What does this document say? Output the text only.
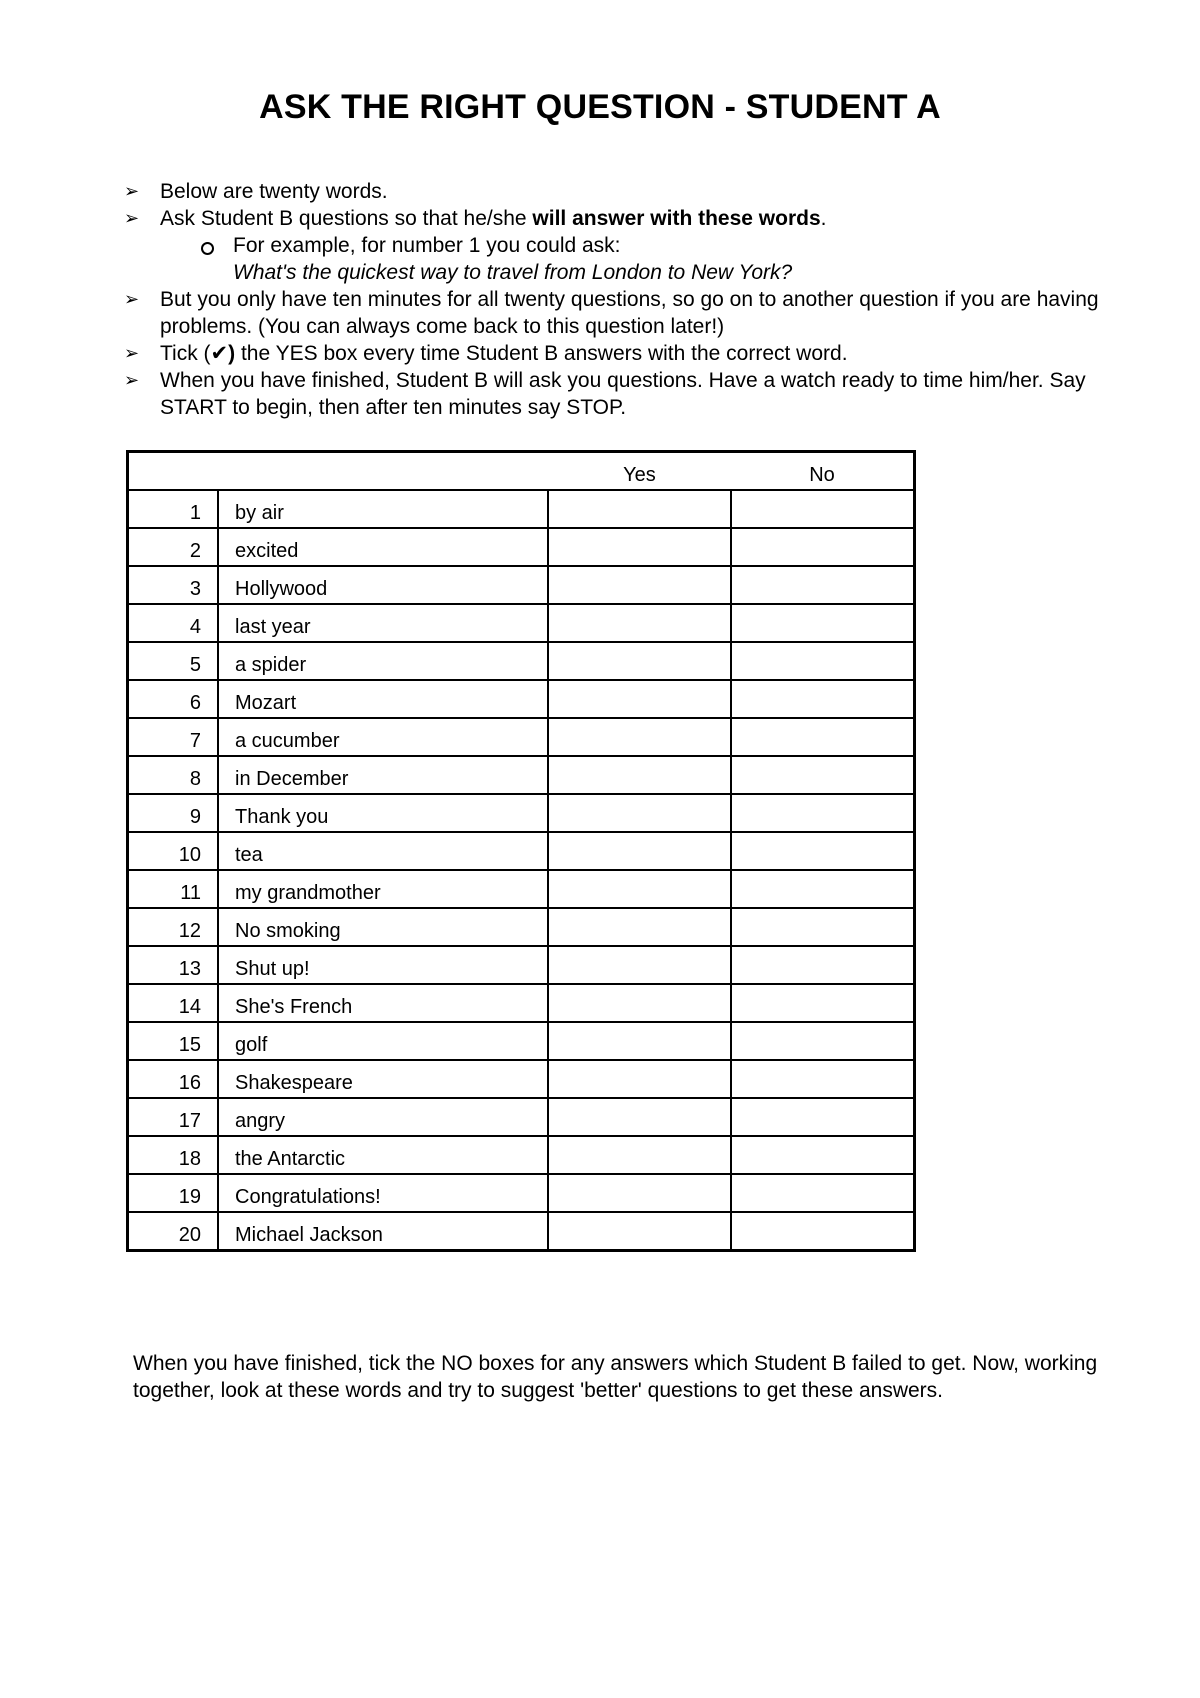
ASK THE RIGHT QUESTION - STUDENT A
➢ Below are twenty words.
➢ Ask Student B questions so that he/she will answer with these words.
For example, for number 1 you could ask:
What's the quickest way to travel from London to New York?
➢ But you only have ten minutes for all twenty questions, so go on to another question if you are having problems. (You can always come back to this question later!)
➢ Tick (✔) the YES box every time Student B answers with the correct word.
➢ When you have finished, Student B will ask you questions. Have a watch ready to time him/her. Say START to begin, then after ten minutes say STOP.
		Yes	No
1	by air		
2	excited		
3	Hollywood		
4	last year		
5	a spider		
6	Mozart		
7	a cucumber		
8	in December		
9	Thank you		
10	tea		
11	my grandmother		
12	No smoking		
13	Shut up!		
14	She's French		
15	golf		
16	Shakespeare		
17	angry		
18	the Antarctic		
19	Congratulations!		
20	Michael Jackson		
When you have finished, tick the NO boxes for any answers which Student B failed to get. Now, working together, look at these words and try to suggest 'better' questions to get these answers.
